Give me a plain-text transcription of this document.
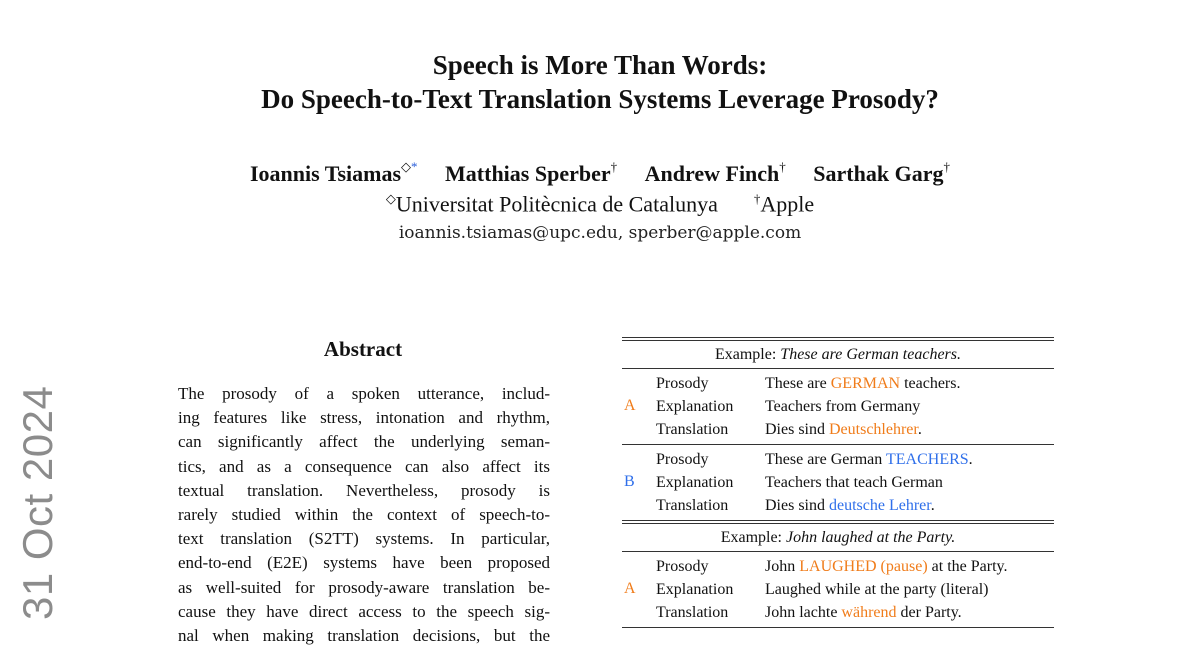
31 Oct 2024
Speech is More Than Words:
Do Speech-to-Text Translation Systems Leverage Prosody?
Ioannis Tsiamas◇* Matthias Sperber† Andrew Finch† Sarthak Garg†
◇Universitat Politècnica de Catalunya	†Apple
ioannis.tsiamas@upc.edu, sperber@apple.com
Abstract
The prosody of a spoken utterance, includ-
ing features like stress, intonation and rhythm,
can significantly affect the underlying seman-
tics, and as a consequence can also affect its
textual translation. Nevertheless, prosody is
rarely studied within the context of speech-to-
text translation (S2TT) systems. In particular,
end-to-end (E2E) systems have been proposed
as well-suited for prosody-aware translation be-
cause they have direct access to the speech sig-
nal when making translation decisions, but the
Example: These are German teachers.
A
Prosody	These are GERMAN teachers.
Explanation Teachers from Germany
Translation Dies sind Deutschlehrer.
B
Prosody	These are German TEACHERS.
Explanation Teachers that teach German
Translation Dies sind deutsche Lehrer.
Example: John laughed at the Party.
A
Prosody	John LAUGHED (pause) at the Party.
Explanation Laughed while at the party (literal)
Translation John lachte während der Party.
